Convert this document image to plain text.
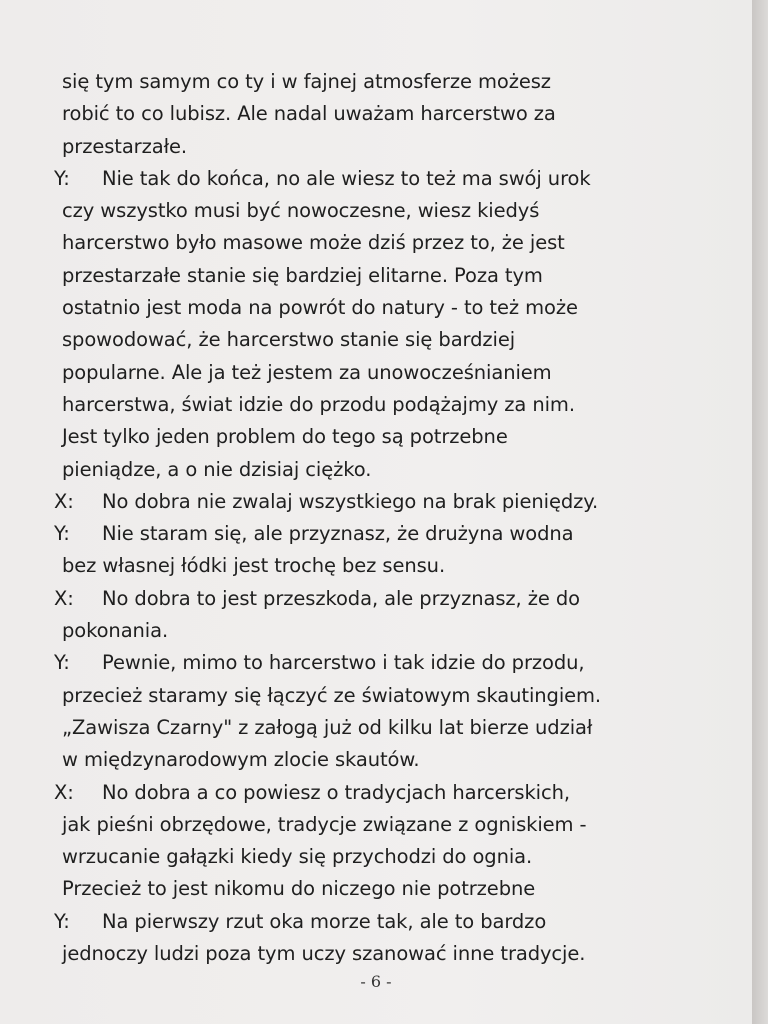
się tym samym co ty i w fajnej atmosferze możesz
robić to co lubisz. Ale nadal uważam harcerstwo za
przestarzałe.
Y: Nie tak do końca, no ale wiesz to też ma swój urok
czy wszystko musi być nowoczesne, wiesz kiedyś
harcerstwo było masowe może dziś przez to, że jest
przestarzałe stanie się bardziej elitarne. Poza tym
ostatnio jest moda na powrót do natury - to też może
spowodować, że harcerstwo stanie się bardziej
popularne. Ale ja też jestem za unowocześnianiem
harcerstwa, świat idzie do przodu podążajmy za nim.
Jest tylko jeden problem do tego są potrzebne
pieniądze, a o nie dzisiaj ciężko.
X: No dobra nie zwalaj wszystkiego na brak pieniędzy.
Y: Nie staram się, ale przyznasz, że drużyna wodna
bez własnej łódki jest trochę bez sensu.
X: No dobra to jest przeszkoda, ale przyznasz, że do
pokonania.
Y: Pewnie, mimo to harcerstwo i tak idzie do przodu,
przecież staramy się łączyć ze światowym skautingiem.
„Zawisza Czarny" z załogą już od kilku lat bierze udział
w międzynarodowym zlocie skautów.
X: No dobra a co powiesz o tradycjach harcerskich,
jak pieśni obrzędowe, tradycje związane z ogniskiem -
wrzucanie gałązki kiedy się przychodzi do ognia.
Przecież to jest nikomu do niczego nie potrzebne
Y: Na pierwszy rzut oka morze tak, ale to bardzo
jednoczy ludzi poza tym uczy szanować inne tradycje.
- 6 -
